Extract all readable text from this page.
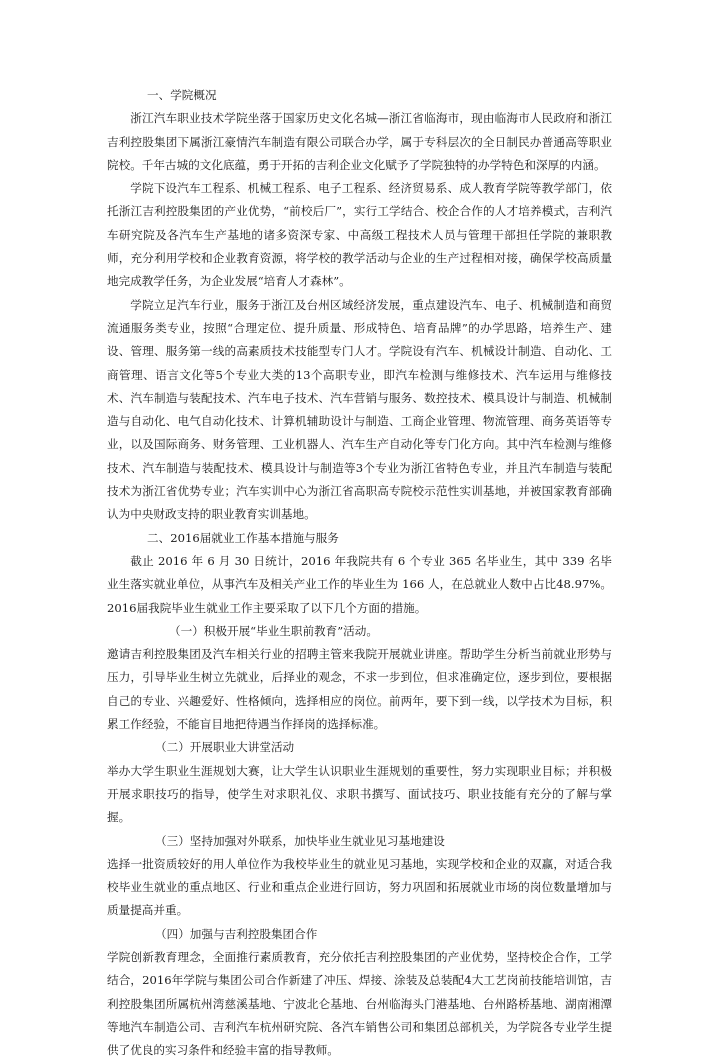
一、学院概况

浙江汽车职业技术学院坐落于国家历史文化名城—浙江省临海市，现由临海市人民政府和浙江吉利控股集团下属浙江豪情汽车制造有限公司联合办学，属于专科层次的全日制民办普通高等职业院校。千年古城的文化底蕴，勇于开拓的吉利企业文化赋予了学院独特的办学特色和深厚的内涵。

学院下设汽车工程系、机械工程系、电子工程系、经济贸易系、成人教育学院等教学部门，依托浙江吉利控股集团的产业优势，“前校后厂”，实行工学结合、校企合作的人才培养模式，吉利汽车研究院及各汽车生产基地的诸多资深专家、中高级工程技术人员与管理干部担任学院的兼职教师，充分利用学校和企业教育资源，将学校的教学活动与企业的生产过程相对接，确保学校高质量地完成教学任务，为企业发展“培育人才森林”。

学院立足汽车行业，服务于浙江及台州区域经济发展，重点建设汽车、电子、机械制造和商贸流通服务类专业，按照“合理定位、提升质量、形成特色、培育品牌”的办学思路，培养生产、建设、管理、服务第一线的高素质技术技能型专门人才。学院设有汽车、机械设计制造、自动化、工商管理、语言文化等5个专业大类的13个高职专业，即汽车检测与维修技术、汽车运用与维修技术、汽车制造与装配技术、汽车电子技术、汽车营销与服务、数控技术、模具设计与制造、机械制造与自动化、电气自动化技术、计算机辅助设计与制造、工商企业管理、物流管理、商务英语等专业，以及国际商务、财务管理、工业机器人、汽车生产自动化等专门化方向。其中汽车检测与维修技术、汽车制造与装配技术、模具设计与制造等3个专业为浙江省特色专业，并且汽车制造与装配技术为浙江省优势专业；汽车实训中心为浙江省高职高专院校示范性实训基地，并被国家教育部确认为中央财政支持的职业教育实训基地。

二、2016届就业工作基本措施与服务

截止 2016 年 6 月 30 日统计，2016 年我院共有 6 个专业 365 名毕业生，其中 339 名毕业生落实就业单位，从事汽车及相关产业工作的毕业生为 166 人，在总就业人数中占比48.97%。2016届我院毕业生就业工作主要采取了以下几个方面的措施。

（一）积极开展“毕业生职前教育”活动。

邀请吉利控股集团及汽车相关行业的招聘主管来我院开展就业讲座。帮助学生分析当前就业形势与压力，引导毕业生树立先就业，后择业的观念，不求一步到位，但求准确定位，逐步到位，要根据自己的专业、兴趣爱好、性格倾向，选择相应的岗位。前两年，要下到一线，以学技术为目标，积累工作经验，不能盲目地把待遇当作择岗的选择标准。

（二）开展职业大讲堂活动

举办大学生职业生涯规划大赛，让大学生认识职业生涯规划的重要性，努力实现职业目标；并积极开展求职技巧的指导，使学生对求职礼仪、求职书撰写、面试技巧、职业技能有充分的了解与掌握。

（三）坚持加强对外联系，加快毕业生就业见习基地建设

选择一批资质较好的用人单位作为我校毕业生的就业见习基地，实现学校和企业的双赢，对适合我校毕业生就业的重点地区、行业和重点企业进行回访，努力巩固和拓展就业市场的岗位数量增加与质量提高并重。

（四）加强与吉利控股集团合作

学院创新教育理念，全面推行素质教育，充分依托吉利控股集团的产业优势，坚持校企合作，工学结合，2016年学院与集团公司合作新建了冲压、焊接、涂装及总装配4大工艺岗前技能培训馆，吉利控股集团所属杭州湾慈溪基地、宁波北仑基地、台州临海头门港基地、台州路桥基地、湖南湘潭等地汽车制造公司、吉利汽车杭州研究院、各汽车销售公司和集团总部机关，为学院各专业学生提供了优良的实习条件和经验丰富的指导教师。
